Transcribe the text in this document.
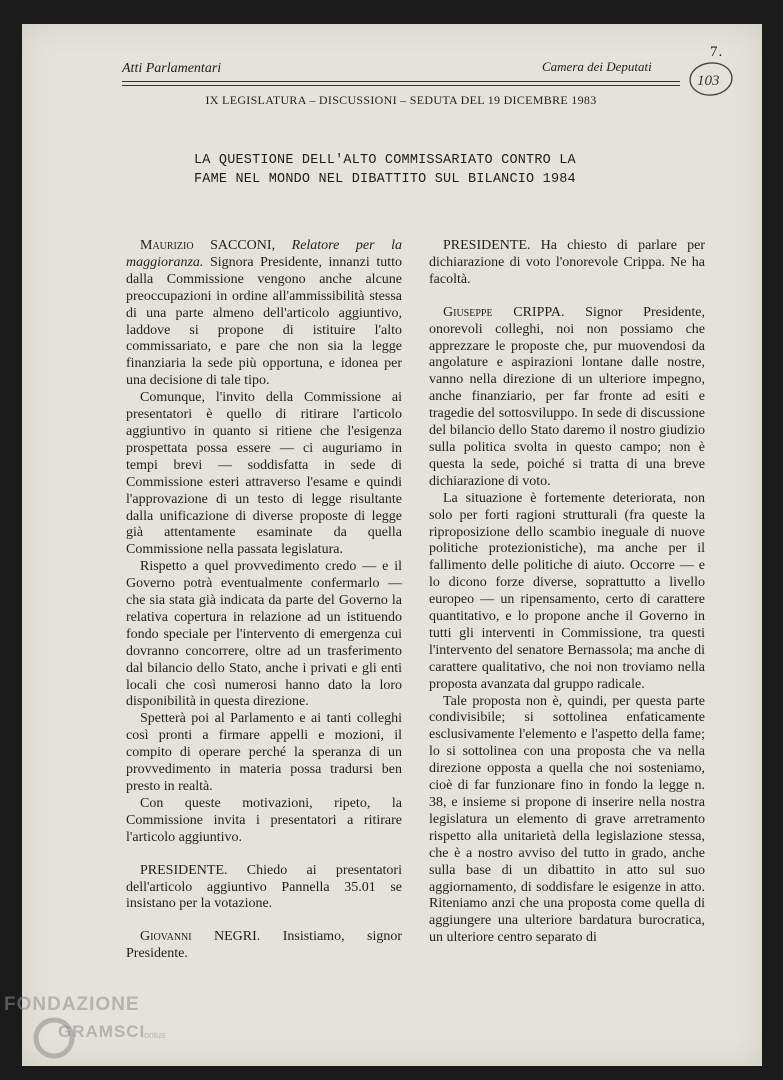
7.
Atti Parlamentari	Camera dei Deputati
103
IX LEGISLATURA – DISCUSSIONI – SEDUTA DEL 19 DICEMBRE 1983
LA QUESTIONE DELL'ALTO COMMISSARIATO CONTRO LA
FAME NEL MONDO NEL DIBATTITO SUL BILANCIO 1984

Maurizio SACCONI, Relatore per la maggioranza. Signora Presidente, innanzi tutto dalla Commissione vengono anche alcune preoccupazioni in ordine all'ammissibilità stessa di una parte almeno dell'articolo aggiuntivo, laddove si propone di istituire l'alto commissariato, e pare che non sia la legge finanziaria la sede più opportuna, e idonea per una decisione di tale tipo.

Comunque, l'invito della Commissione ai presentatori è quello di ritirare l'articolo aggiuntivo in quanto si ritiene che l'esigenza prospettata possa essere — ci auguriamo in tempi brevi — soddisfatta in sede di Commissione esteri attraverso l'esame e quindi l'approvazione di un testo di legge risultante dalla unificazione di diverse proposte di legge già attentamente esaminate da quella Commissione nella passata legislatura.

Rispetto a quel provvedimento credo — e il Governo potrà eventualmente confermarlo — che sia stata già indicata da parte del Governo la relativa copertura in relazione ad un istituendo fondo speciale per l'intervento di emergenza cui dovranno concorrere, oltre ad un trasferimento dal bilancio dello Stato, anche i privati e gli enti locali che così numerosi hanno dato la loro disponibilità in questa direzione.

Spetterà poi al Parlamento e ai tanti colleghi così pronti a firmare appelli e mozioni, il compito di operare perché la speranza di un provvedimento in materia possa tradursi ben presto in realtà.

Con queste motivazioni, ripeto, la Commissione invita i presentatori a ritirare l'articolo aggiuntivo.

PRESIDENTE. Chiedo ai presentatori dell'articolo aggiuntivo Pannella 35.01 se insistano per la votazione.

Giovanni NEGRI. Insistiamo, signor Presidente.

PRESIDENTE. Ha chiesto di parlare per dichiarazione di voto l'onorevole Crippa. Ne ha facoltà.

Giuseppe CRIPPA. Signor Presidente, onorevoli colleghi, noi non possiamo che apprezzare le proposte che, pur muovendosi da angolature e aspirazioni lontane dalle nostre, vanno nella direzione di un ulteriore impegno, anche finanziario, per far fronte ad esiti e tragedie del sottosviluppo. In sede di discussione del bilancio dello Stato daremo il nostro giudizio sulla politica svolta in questo campo; non è questa la sede, poiché si tratta di una breve dichiarazione di voto.

La situazione è fortemente deteriorata, non solo per forti ragioni strutturali (fra queste la riproposizione dello scambio ineguale di nuove politiche protezionistiche), ma anche per il fallimento delle politiche di aiuto. Occorre — e lo dicono forze diverse, soprattutto a livello europeo — un ripensamento, certo di carattere quantitativo, e lo propone anche il Governo in tutti gli interventi in Commissione, tra questi l'intervento del senatore Bernassola; ma anche di carattere qualitativo, che noi non troviamo nella proposta avanzata dal gruppo radicale.

Tale proposta non è, quindi, per questa parte condivisibile; si sottolinea enfaticamente esclusivamente l'elemento e l'aspetto della fame; lo si sottolinea con una proposta che va nella direzione opposta a quella che noi sosteniamo, cioè di far funzionare fino in fondo la legge n. 38, e insieme si propone di inserire nella nostra legislatura un elemento di grave arretramento rispetto alla unitarietà della legislazione stessa, che è a nostro avviso del tutto in grado, anche sulla base di un dibattito in atto sul suo aggiornamento, di soddisfare le esigenze in atto. Riteniamo anzi che una proposta come quella di aggiungere una ulteriore bardatura burocratica, un ulteriore centro separato di

FONDAZIONE
GRAMSCI
onlus
